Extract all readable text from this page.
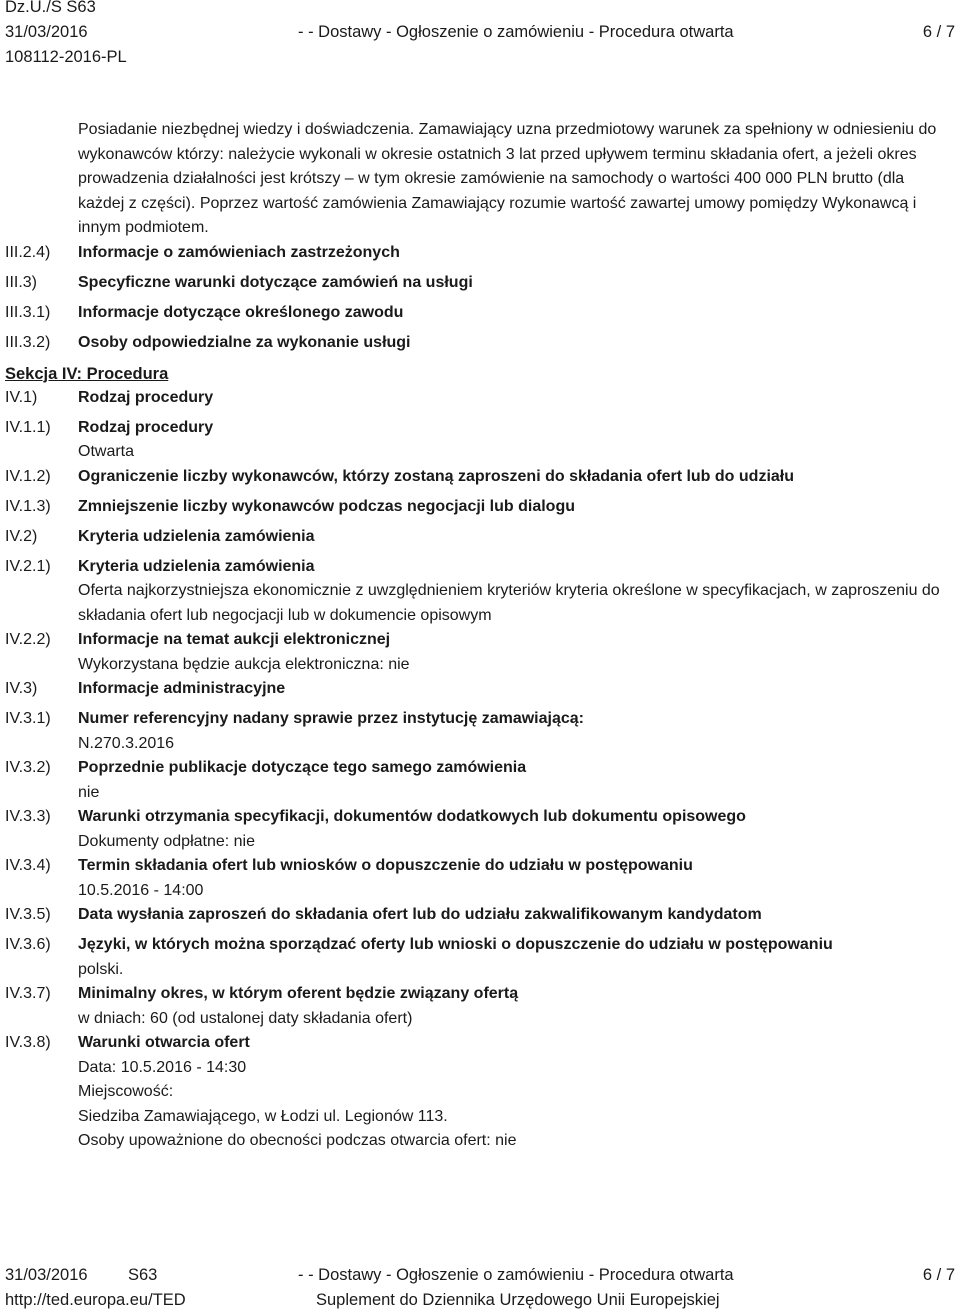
Dz.U./S S63
31/03/2016
108112-2016-PL
- - Dostawy - Ogłoszenie o zamówieniu - Procedura otwarta	6 / 7
Posiadanie niezbędnej wiedzy i doświadczenia. Zamawiający uzna przedmiotowy warunek za spełniony w odniesieniu do wykonawców którzy: należycie wykonali w okresie ostatnich 3 lat przed upływem terminu składania ofert, a jeżeli okres prowadzenia działalności jest krótszy – w tym okresie zamówienie na samochody o wartości 400 000 PLN brutto (dla każdej z części). Poprzez wartość zamówienia Zamawiający rozumie wartość zawartej umowy pomiędzy Wykonawcą i innym podmiotem.
III.2.4)	Informacje o zamówieniach zastrzeżonych
III.3)	Specyficzne warunki dotyczące zamówień na usługi
III.3.1)	Informacje dotyczące określonego zawodu
III.3.2)	Osoby odpowiedzialne za wykonanie usługi
Sekcja IV: Procedura
IV.1)	Rodzaj procedury
IV.1.1)	Rodzaj procedury
Otwarta
IV.1.2)	Ograniczenie liczby wykonawców, którzy zostaną zaproszeni do składania ofert lub do udziału
IV.1.3)	Zmniejszenie liczby wykonawców podczas negocjacji lub dialogu
IV.2)	Kryteria udzielenia zamówienia
IV.2.1)	Kryteria udzielenia zamówienia
Oferta najkorzystniejsza ekonomicznie z uwzględnieniem kryteriów kryteria określone w specyfikacjach, w zaproszeniu do składania ofert lub negocjacji lub w dokumencie opisowym
IV.2.2)	Informacje na temat aukcji elektronicznej
Wykorzystana będzie aukcja elektroniczna: nie
IV.3)	Informacje administracyjne
IV.3.1)	Numer referencyjny nadany sprawie przez instytucję zamawiającą:
N.270.3.2016
IV.3.2)	Poprzednie publikacje dotyczące tego samego zamówienia
nie
IV.3.3)	Warunki otrzymania specyfikacji, dokumentów dodatkowych lub dokumentu opisowego
Dokumenty odpłatne: nie
IV.3.4)	Termin składania ofert lub wniosków o dopuszczenie do udziału w postępowaniu
10.5.2016 - 14:00
IV.3.5)	Data wysłania zaproszeń do składania ofert lub do udziału zakwalifikowanym kandydatom
IV.3.6)	Języki, w których można sporządzać oferty lub wnioski o dopuszczenie do udziału w postępowaniu
polski.
IV.3.7)	Minimalny okres, w którym oferent będzie związany ofertą
w dniach: 60 (od ustalonej daty składania ofert)
IV.3.8)	Warunki otwarcia ofert
Data: 10.5.2016 - 14:30
Miejscowość:
Siedziba Zamawiającego, w Łodzi ul. Legionów 113.
Osoby upoważnione do obecności podczas otwarcia ofert: nie
31/03/2016 S63	- - Dostawy - Ogłoszenie o zamówieniu - Procedura otwarta	6 / 7
http://ted.europa.eu/TED	Suplement do Dziennika Urzędowego Unii Europejskiej
